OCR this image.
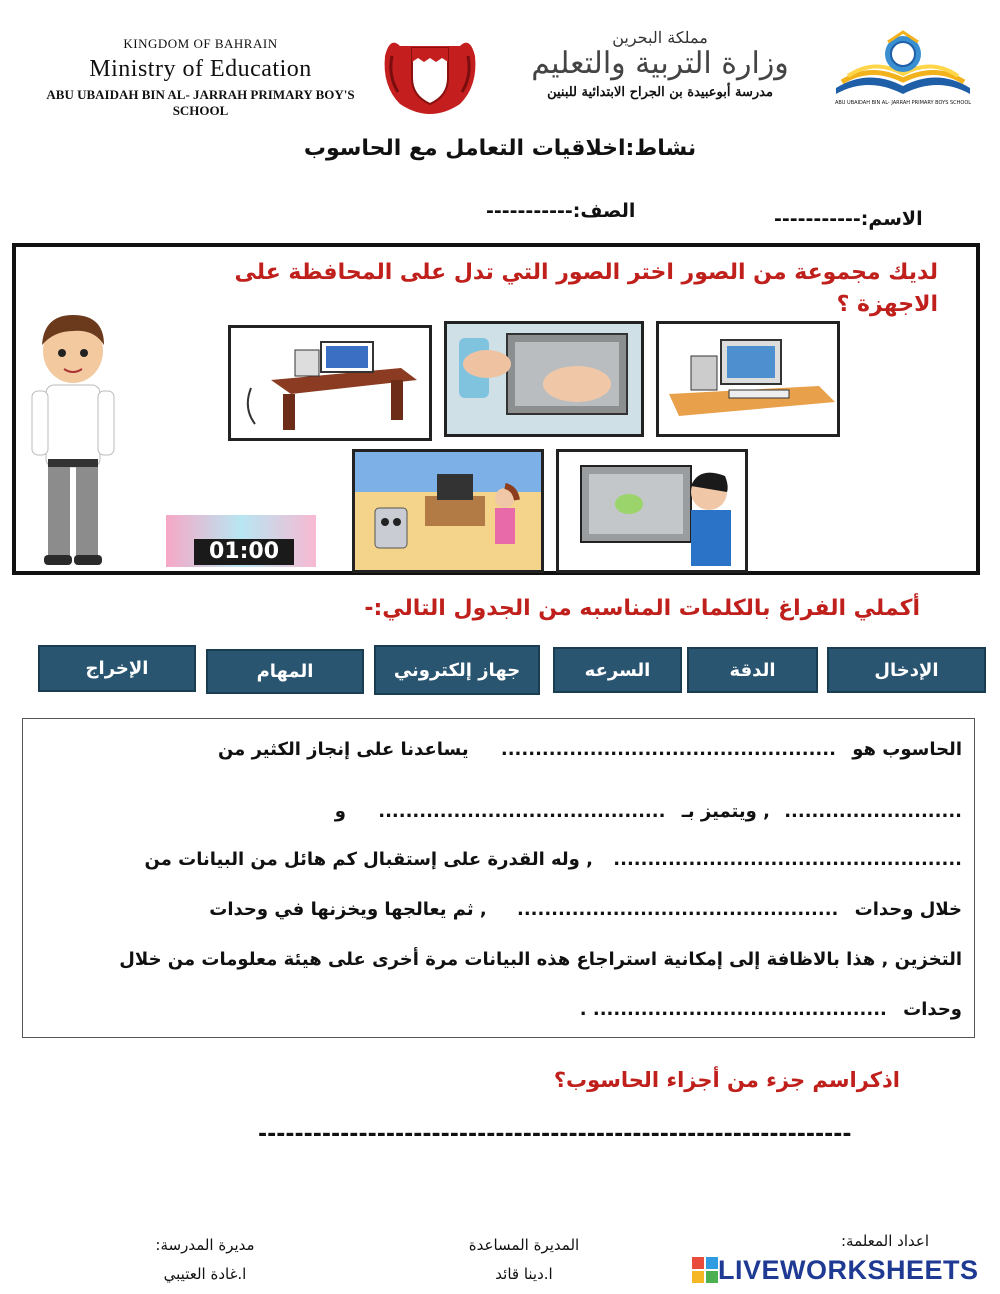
KINGDOM OF BAHRAIN
Ministry of Education
ABU UBAIDAH BIN AL- JARRAH PRIMARY BOY'S SCHOOL
مملكة البحرين
وزارة التربية والتعليم
مدرسة أبوعبيدة بن الجراح الابتدائية للبنين
ABU UBAIDAH BIN AL- JARRAH PRIMARY BOYS SCHOOL
نشاط:اخلاقيات التعامل مع الحاسوب
الصف:-----------	الاسم:-----------
لديك مجموعة من الصور اختر الصور التي تدل على المحافظة على الاجهزة ؟
01:00
أكملي الفراغ بالكلمات المناسبه من الجدول التالي:-
الإدخال
الدقة
السرعه
جهاز إلكتروني
المهام
الإخراج
الحاسوب هو ................................................. يساعدنا على إنجاز الكثير من
.......................... , ويتميز بـ .......................................... و
................................................... , وله القدرة على إستقبال كم هائل من البيانات من
خلال وحدات ............................................... , ثم يعالجها ويخزنها في وحدات
التخزين , هذا بالاظافة إلى إمكانية استراجاع هذه البيانات مرة أخرى على هيئة معلومات من خلال
وحدات ........................................... .
اذكراسم جزء من أجزاء الحاسوب؟
-----------------------------------------------------------------
اعداد المعلمة:
المديرة المساعدة
ا.دينا قائد
مديرة المدرسة:
ا.غادة العتيبي	LIVEWORKSHEETS
